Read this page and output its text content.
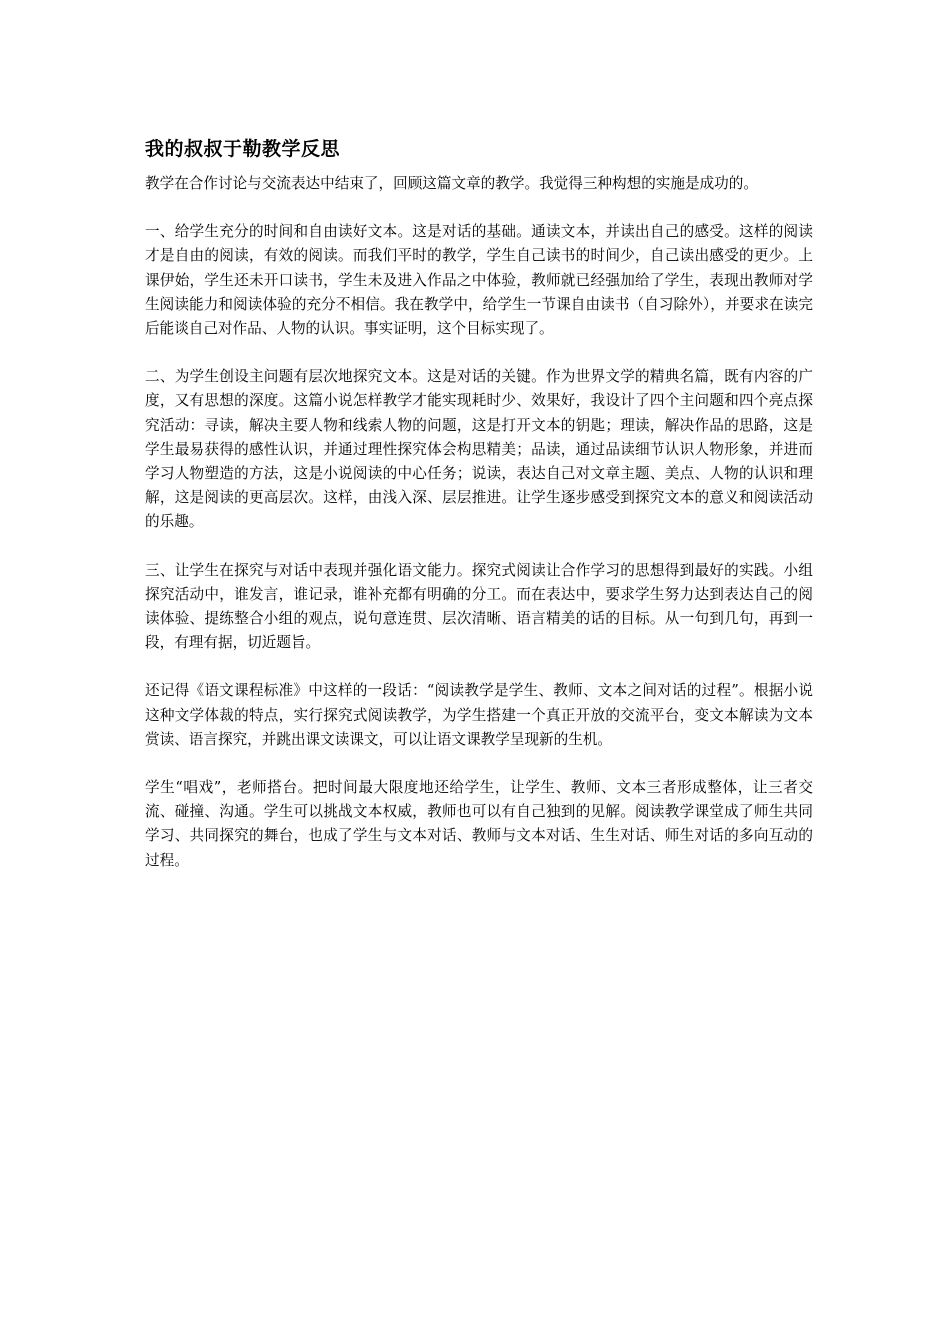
我的叔叔于勒教学反思

教学在合作讨论与交流表达中结束了，回顾这篇文章的教学。我觉得三种构想的实施是成功的。

一、给学生充分的时间和自由读好文本。这是对话的基础。通读文本，并读出自己的感受。这样的阅读才是自由的阅读，有效的阅读。而我们平时的教学，学生自己读书的时间少，自己读出感受的更少。上课伊始，学生还未开口读书，学生未及进入作品之中体验，教师就已经强加给了学生，表现出教师对学生阅读能力和阅读体验的充分不相信。我在教学中，给学生一节课自由读书（自习除外），并要求在读完后能谈自己对作品、人物的认识。事实证明，这个目标实现了。

二、为学生创设主问题有层次地探究文本。这是对话的关键。作为世界文学的精典名篇，既有内容的广度，又有思想的深度。这篇小说怎样教学才能实现耗时少、效果好，我设计了四个主问题和四个亮点探究活动：寻读，解决主要人物和线索人物的问题，这是打开文本的钥匙；理读，解决作品的思路，这是学生最易获得的感性认识，并通过理性探究体会构思精美；品读，通过品读细节认识人物形象，并进而学习人物塑造的方法，这是小说阅读的中心任务；说读，表达自己对文章主题、美点、人物的认识和理解，这是阅读的更高层次。这样，由浅入深、层层推进。让学生逐步感受到探究文本的意义和阅读活动的乐趣。

三、让学生在探究与对话中表现并强化语文能力。探究式阅读让合作学习的思想得到最好的实践。小组探究活动中，谁发言，谁记录，谁补充都有明确的分工。而在表达中，要求学生努力达到表达自己的阅读体验、提练整合小组的观点，说句意连贯、层次清晰、语言精美的话的目标。从一句到几句，再到一段，有理有据，切近题旨。

还记得《语文课程标准》中这样的一段话：“阅读教学是学生、教师、文本之间对话的过程”。根据小说这种文学体裁的特点，实行探究式阅读教学，为学生搭建一个真正开放的交流平台，变文本解读为文本赏读、语言探究，并跳出课文读课文，可以让语文课教学呈现新的生机。

学生“唱戏”，老师搭台。把时间最大限度地还给学生，让学生、教师、文本三者形成整体，让三者交流、碰撞、沟通。学生可以挑战文本权威，教师也可以有自己独到的见解。阅读教学课堂成了师生共同学习、共同探究的舞台，也成了学生与文本对话、教师与文本对话、生生对话、师生对话的多向互动的过程。
